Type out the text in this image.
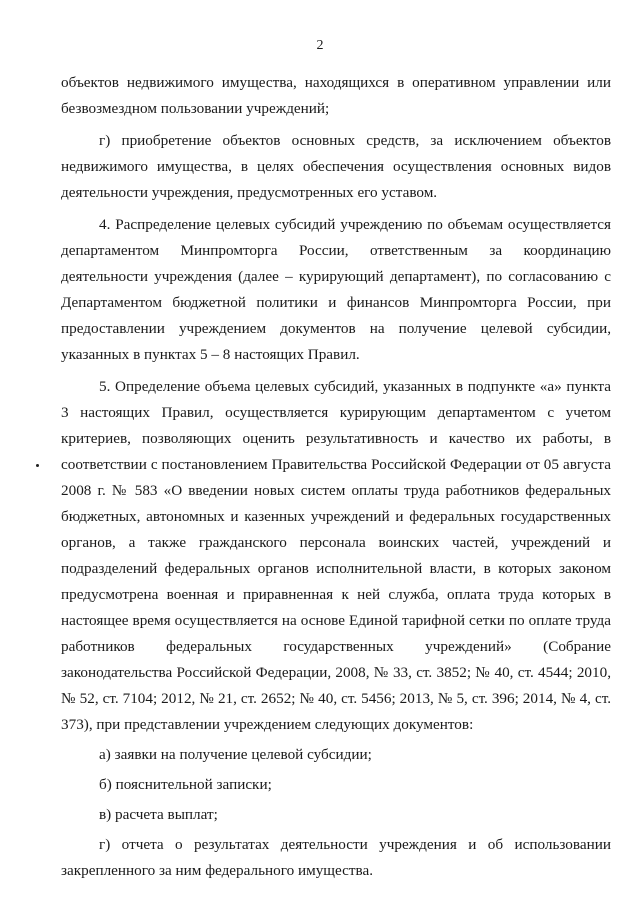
2

объектов недвижимого имущества, находящихся в оперативном управлении или безвозмездном пользовании учреждений;

г) приобретение объектов основных средств, за исключением объектов недвижимого имущества, в целях обеспечения осуществления основных видов деятельности учреждения, предусмотренных его уставом.

4. Распределение целевых субсидий учреждению по объемам осуществляется департаментом Минпромторга России, ответственным за координацию деятельности учреждения (далее – курирующий департамент), по согласованию с Департаментом бюджетной политики и финансов Минпромторга России, при предоставлении учреждением документов на получение целевой субсидии, указанных в пунктах 5 – 8 настоящих Правил.

5. Определение объема целевых субсидий, указанных в подпункте «а» пункта 3 настоящих Правил, осуществляется курирующим департаментом с учетом критериев, позволяющих оценить результативность и качество их работы, в соответствии с постановлением Правительства Российской Федерации от 05 августа 2008 г. № 583 «О введении новых систем оплаты труда работников федеральных бюджетных, автономных и казенных учреждений и федеральных государственных органов, а также гражданского персонала воинских частей, учреждений и подразделений федеральных органов исполнительной власти, в которых законом предусмотрена военная и приравненная к ней служба, оплата труда которых в настоящее время осуществляется на основе Единой тарифной сетки по оплате труда работников федеральных государственных учреждений» (Собрание законодательства Российской Федерации, 2008, № 33, ст. 3852; № 40, ст. 4544; 2010, № 52, ст. 7104; 2012, № 21, ст. 2652; № 40, ст. 5456; 2013, № 5, ст. 396; 2014, № 4, ст. 373), при представлении учреждением следующих документов:

а) заявки на получение целевой субсидии;

б) пояснительной записки;

в) расчета выплат;

г) отчета о результатах деятельности учреждения и об использовании закрепленного за ним федерального имущества.
